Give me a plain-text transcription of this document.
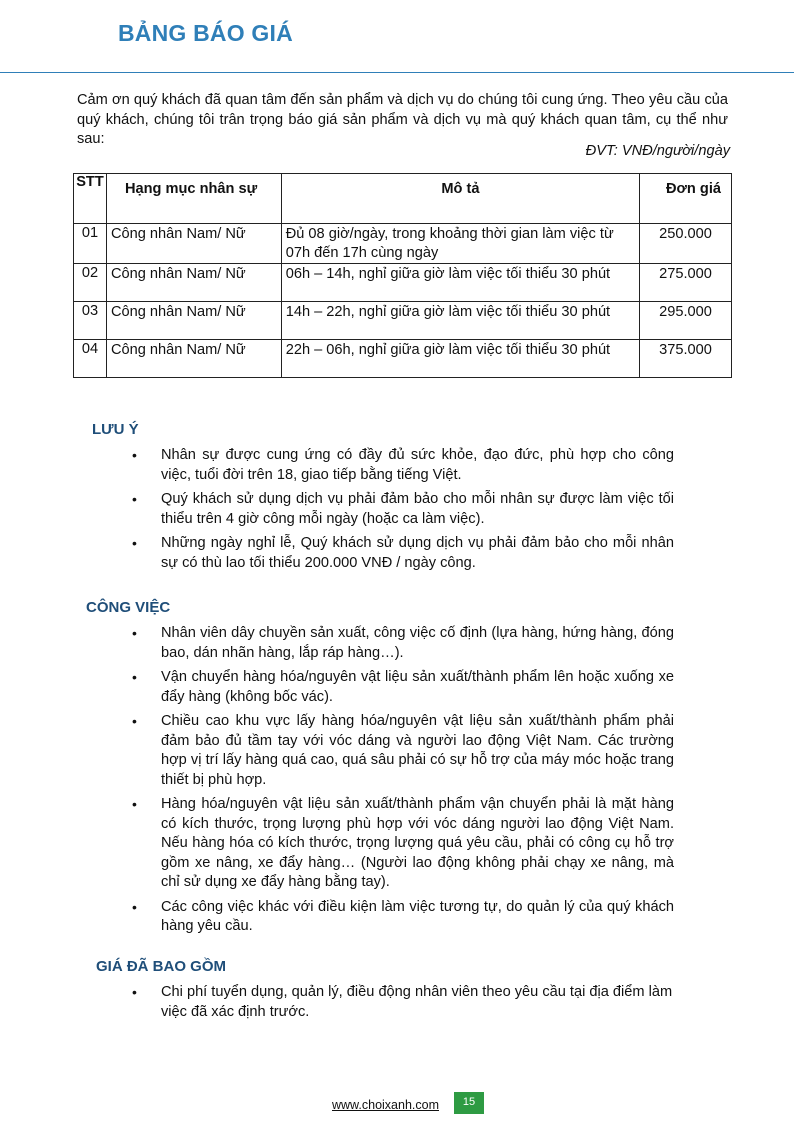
BẢNG BÁO GIÁ
Cảm ơn quý khách đã quan tâm đến sản phẩm và dịch vụ do chúng tôi cung ứng. Theo yêu cầu của quý khách, chúng tôi trân trọng báo giá sản phẩm và dịch vụ mà quý khách quan tâm, cụ thể như sau:
ĐVT: VNĐ/người/ngày
STT	Hạng mục nhân sự	Mô tả	Đơn giá
01	Công nhân Nam/ Nữ	Đủ 08 giờ/ngày, trong khoảng thời gian làm việc từ 07h đến 17h cùng ngày	250.000
02	Công nhân Nam/ Nữ	06h – 14h, nghỉ giữa giờ làm việc tối thiểu 30 phút	275.000
03	Công nhân Nam/ Nữ	14h – 22h, nghỉ giữa giờ làm việc tối thiểu 30 phút	295.000
04	Công nhân Nam/ Nữ	22h – 06h, nghỉ giữa giờ làm việc tối thiểu 30 phút	375.000
LƯU Ý
• Nhân sự được cung ứng có đầy đủ sức khỏe, đạo đức, phù hợp cho công việc, tuổi đời trên 18, giao tiếp bằng tiếng Việt.
• Quý khách sử dụng dịch vụ phải đảm bảo cho mỗi nhân sự được làm việc tối thiểu trên 4 giờ công mỗi ngày (hoặc ca làm việc).
• Những ngày nghỉ lễ, Quý khách sử dụng dịch vụ phải đảm bảo cho mỗi nhân sự có thù lao tối thiểu 200.000 VNĐ / ngày công.
CÔNG VIỆC
• Nhân viên dây chuyền sản xuất, công việc cố định (lựa hàng, hứng hàng, đóng bao, dán nhãn hàng, lắp ráp hàng…).
• Vận chuyển hàng hóa/nguyên vật liệu sản xuất/thành phẩm lên hoặc xuống xe đẩy hàng (không bốc vác).
• Chiều cao khu vực lấy hàng hóa/nguyên vật liệu sản xuất/thành phẩm phải đảm bảo đủ tầm tay với vóc dáng và người lao động Việt Nam. Các trường hợp vị trí lấy hàng quá cao, quá sâu phải có sự hỗ trợ của máy móc hoặc trang thiết bị phù hợp.
• Hàng hóa/nguyên vật liệu sản xuất/thành phẩm vận chuyển phải là mặt hàng có kích thước, trọng lượng phù hợp với vóc dáng người lao động Việt Nam. Nếu hàng hóa có kích thước, trọng lượng quá yêu cầu, phải có công cụ hỗ trợ gồm xe nâng, xe đẩy hàng… (Người lao động không phải chạy xe nâng, mà chỉ sử dụng xe đẩy hàng bằng tay).
• Các công việc khác với điều kiện làm việc tương tự, do quản lý của quý khách hàng yêu cầu.
GIÁ ĐÃ BAO GỒM
• Chi phí tuyển dụng, quản lý, điều động nhân viên theo yêu cầu tại địa điểm làm việc đã xác định trước.
www.choixanh.com	15
